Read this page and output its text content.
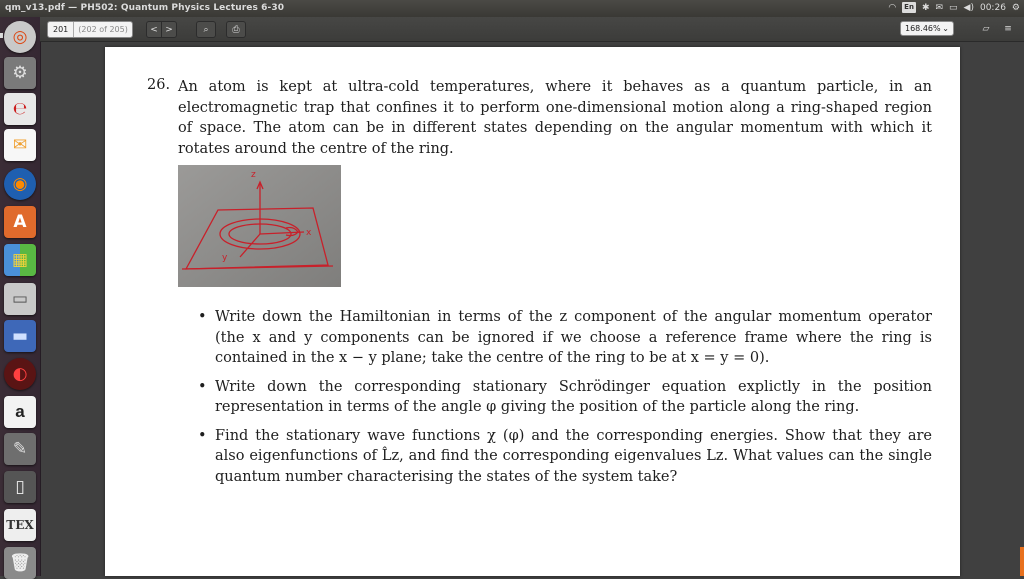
qm_v13.pdf — PH502: Quantum Physics Lectures 6-30	◠ En ✱ ✉ ▭ ◀) 00:26 ⚙
◎
⚙
℮
✉
◉
A
▦
▭
▬
◐
a
✎
▯
TEX
🗑
201	(202 of 205)	< >	⌕	⎙	168.46% ⌄	▱ ≡
26. An atom is kept at ultra-cold temperatures, where it behaves as a quantum particle, in an electromagnetic trap that confines it to perform one-dimensional motion along a ring-shaped region of space. The atom can be in different states depending on the angular momentum with which it rotates around the centre of the ring.
z
x
y
• Write down the Hamiltonian in terms of the z component of the angular momentum operator (the x and y components can be ignored if we choose a reference frame where the ring is contained in the x − y plane; take the centre of the ring to be at x = y = 0).
• Write down the corresponding stationary Schrödinger equation explictly in the position representation in terms of the angle φ giving the position of the particle along the ring.
• Find the stationary wave functions χ (φ) and the corresponding energies. Show that they are also eigenfunctions of L̂z, and find the corresponding eigenvalues Lz. What values can the single quantum number characterising the states of the system take?
